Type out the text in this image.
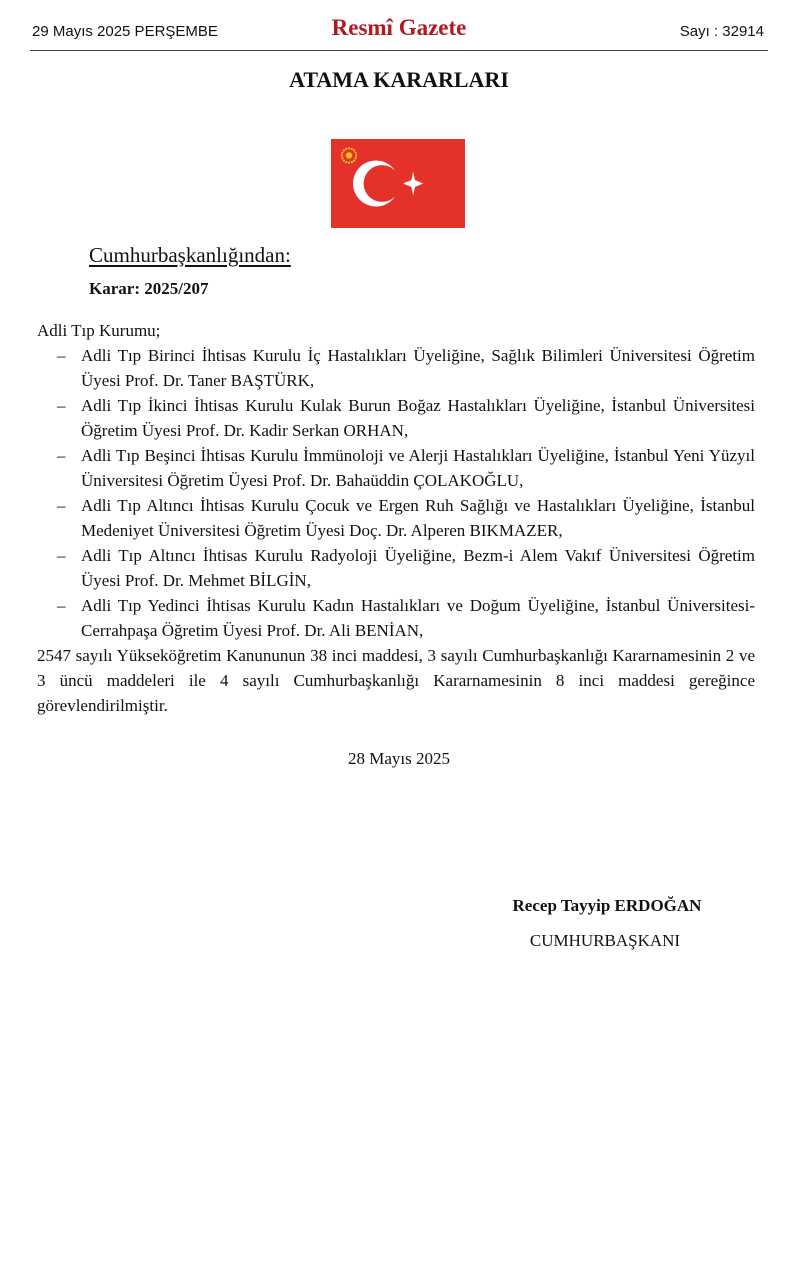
29 Mayıs 2025 PERŞEMBE	Resmî Gazete	Sayı : 32914
ATAMA KARARLARI
Cumhurbaşkanlığından:
Karar: 2025/207

Adli Tıp Kurumu;

– Adli Tıp Birinci İhtisas Kurulu İç Hastalıkları Üyeliğine, Sağlık Bilimleri Üniversitesi Öğretim Üyesi Prof. Dr. Taner BAŞTÜRK,
– Adli Tıp İkinci İhtisas Kurulu Kulak Burun Boğaz Hastalıkları Üyeliğine, İstanbul Üniversitesi Öğretim Üyesi Prof. Dr. Kadir Serkan ORHAN,
– Adli Tıp Beşinci İhtisas Kurulu İmmünoloji ve Alerji Hastalıkları Üyeliğine, İstanbul Yeni Yüzyıl Üniversitesi Öğretim Üyesi Prof. Dr. Bahaüddin ÇOLAKOĞLU,
– Adli Tıp Altıncı İhtisas Kurulu Çocuk ve Ergen Ruh Sağlığı ve Hastalıkları Üyeliğine, İstanbul Medeniyet Üniversitesi Öğretim Üyesi Doç. Dr. Alperen BIKMAZER,
– Adli Tıp Altıncı İhtisas Kurulu Radyoloji Üyeliğine, Bezm-i Alem Vakıf Üniversitesi Öğretim Üyesi Prof. Dr. Mehmet BİLGİN,
– Adli Tıp Yedinci İhtisas Kurulu Kadın Hastalıkları ve Doğum Üyeliğine, İstanbul Üniversitesi-Cerrahpaşa Öğretim Üyesi Prof. Dr. Ali BENİAN,

2547 sayılı Yükseköğretim Kanununun 38 inci maddesi, 3 sayılı Cumhurbaşkanlığı Kararnamesinin 2 ve 3 üncü maddeleri ile 4 sayılı Cumhurbaşkanlığı Kararnamesinin 8 inci maddesi gereğince görevlendirilmiştir.

28 Mayıs 2025
Recep Tayyip ERDOĞAN
CUMHURBAŞKANI
